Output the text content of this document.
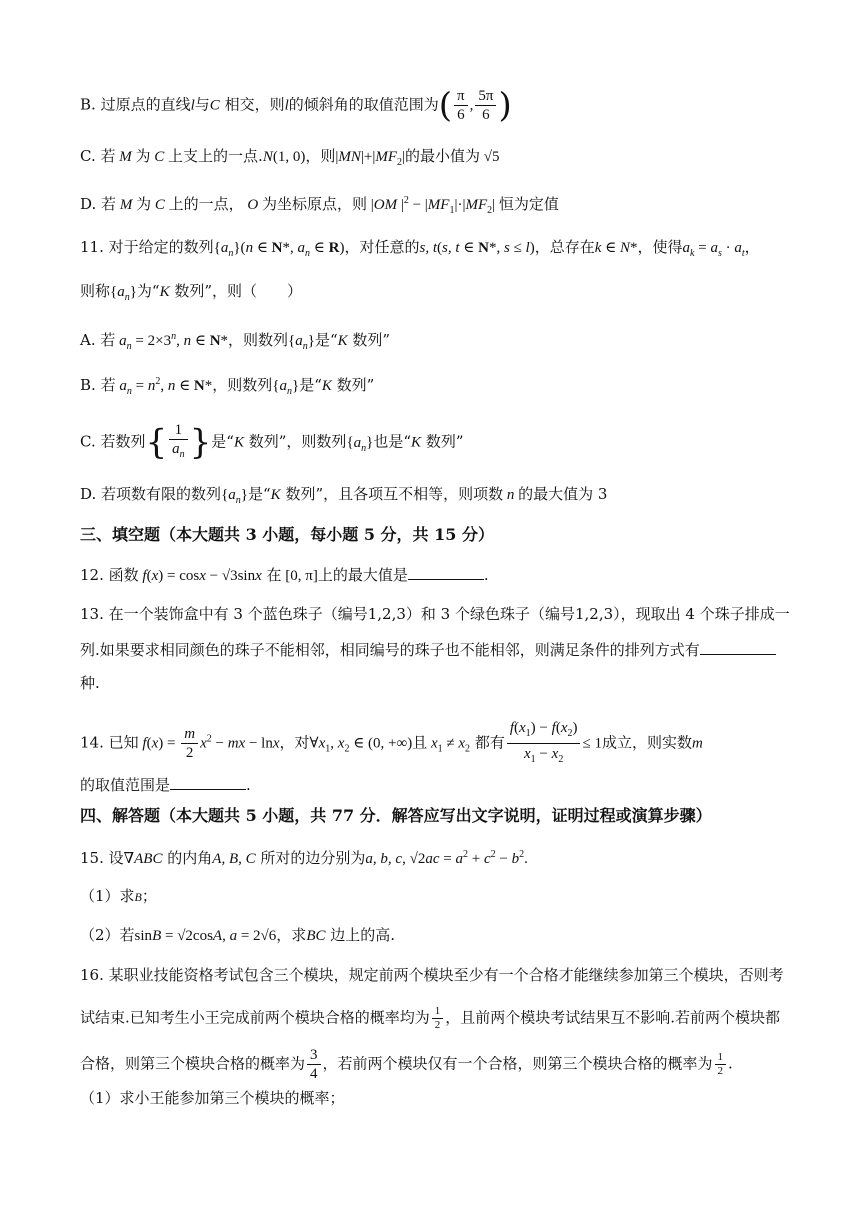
B. 过原点的直线l与C 相交，则l的倾斜角的取值范围为( $\frac{\pi}{6}$ , $\frac{5\pi}{6}$ )
C. 若 M 为 C 上支上的一点.N(1, 0)，则$|MN|+|MF_2|$的最小值为 √5
D. 若 M 为 C 上的一点， O 为坐标原点，则 |OM $|^2 - |MF_1|\cdot|MF_2|$ 恒为定值
11. 对于给定的数列$\{a_n\}(n$ ∈ N*, $a_n$ ∈ R)，对任意的s, t(s, t ∈ N*, s ≤ l)，总存在k ∈ N*，使得$a_k = a_s \cdot a_t$，
则称$\{a_n\}$为“K 数列”，则（　　）
A. 若 $a_n = 2\times 3^n$, n ∈ N*，则数列$\{a_n\}$是“K 数列”
B. 若 $a_n = n^2$, n ∈ N*，则数列$\{a_n\}$是“K 数列”
C. 若数列{ $\frac{1}{a_n}$ }是“K 数列”，则数列$\{a_n\}$也是“K 数列”
D. 若项数有限的数列$\{a_n\}$是“K 数列”，且各项互不相等，则项数 n 的最大值为 3
三、填空题（本大题共 3 小题，每小题 5 分，共 15 分）
12. 函数 f(x) = cosx − √3sinx 在 [0, π]上的最大值是	.
13. 在一个装饰盒中有 3 个蓝色珠子（编号1,2,3）和 3 个绿色珠子（编号1,2,3），现取出 4 个珠子排成一
列.如果要求相同颜色的珠子不能相邻，相同编号的珠子也不能相邻，则满足条件的排列方式有
种.
14. 已知 $f(x) = \frac{m}{2} x^2$ − mx − lnx，对$\forall x_1$, $x_2$ ∈ (0, +∞)且 $x_1 \ne x_2$ 都有 $\frac{f(x_1) - f(x_2)}{x_1 - x_2} \le 1$成立，则实数m
的取值范围是	.
四、解答题（本大题共 5 小题，共 77 分．解答应写出文字说明，证明过程或演算步骤）
15. 设∇ABC 的内角A, B, C 所对的边分别为a, b, c, $√2ac = a^2 + c^2 - b^2$.
（1）求B；
（2）若sinB = √2cosA, a = 2√6，求BC 边上的高.
16. 某职业技能资格考试包含三个模块，规定前两个模块至少有一个合格才能继续参加第三个模块，否则考
试结束.已知考生小王完成前两个模块合格的概率均为 $\frac{1}{2}$ ，且前两个模块考试结果互不影响.若前两个模块都
合格，则第三个模块合格的概率为 $\frac{3}{4}$ ，若前两个模块仅有一个合格，则第三个模块合格的概率为 $\frac{1}{2}$ .
（1）求小王能参加第三个模块的概率；
